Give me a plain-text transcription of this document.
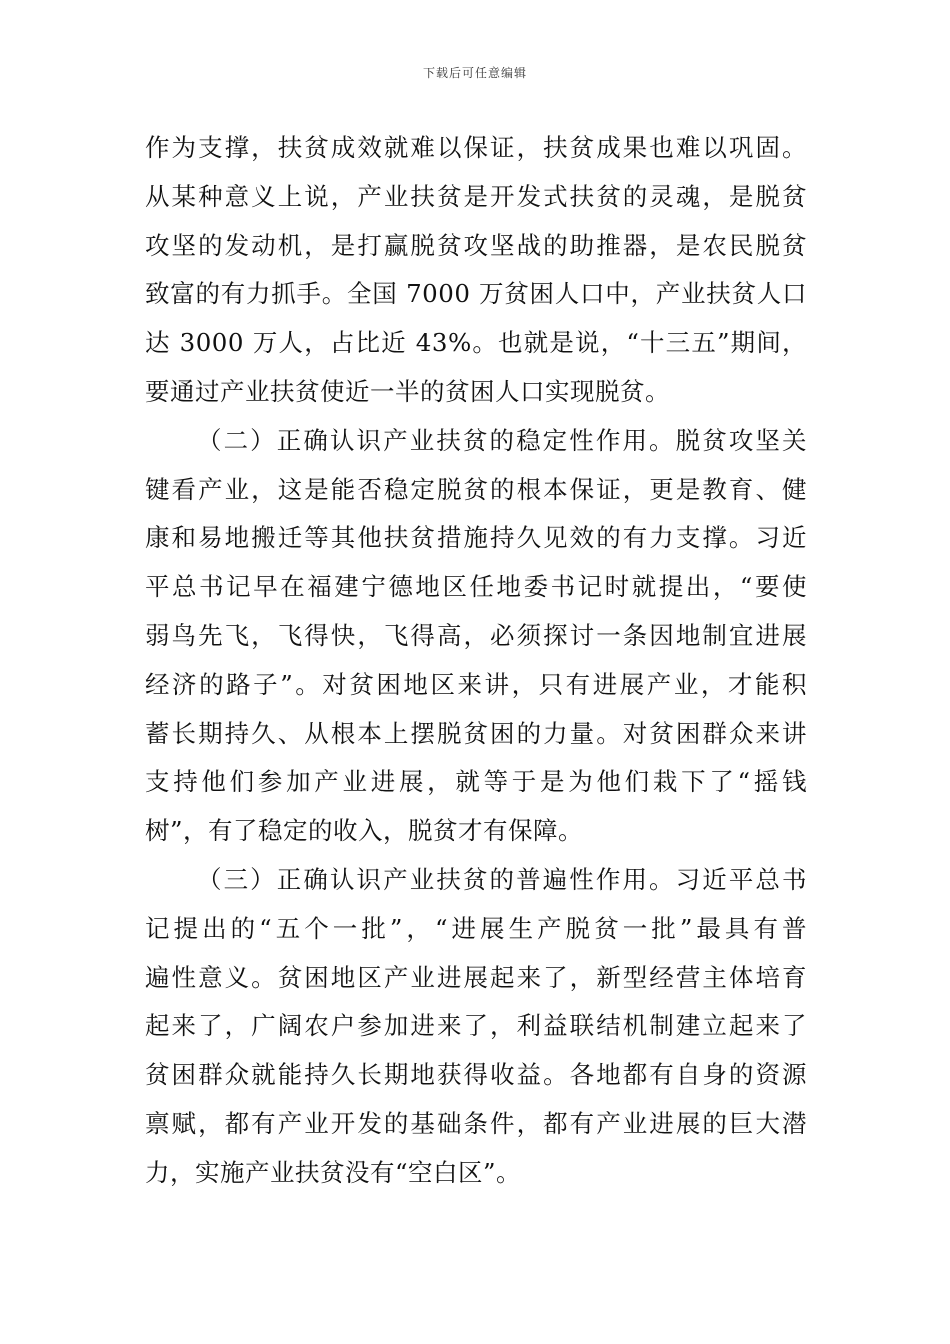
下载后可任意编辑
作为支撑，扶贫成效就难以保证，扶贫成果也难以巩固。
从某种意义上说，产业扶贫是开发式扶贫的灵魂，是脱贫
攻坚的发动机，是打赢脱贫攻坚战的助推器，是农民脱贫
致富的有力抓手。全国 7000 万贫困人口中，产业扶贫人口
达 3000 万人，占比近 43%。也就是说，“十三五”期间，
要通过产业扶贫使近一半的贫困人口实现脱贫。
（二）正确认识产业扶贫的稳定性作用。脱贫攻坚关
键看产业，这是能否稳定脱贫的根本保证，更是教育、健
康和易地搬迁等其他扶贫措施持久见效的有力支撑。习近
平总书记早在福建宁德地区任地委书记时就提出，“要使
弱鸟先飞，飞得快，飞得高，必须探讨一条因地制宜进展
经济的路子”。对贫困地区来讲，只有进展产业，才能积
蓄长期持久、从根本上摆脱贫困的力量。对贫困群众来讲
支持他们参加产业进展，就等于是为他们栽下了“摇钱
树”，有了稳定的收入，脱贫才有保障。
（三）正确认识产业扶贫的普遍性作用。习近平总书
记提出的“五个一批”，“进展生产脱贫一批”最具有普
遍性意义。贫困地区产业进展起来了，新型经营主体培育
起来了，广阔农户参加进来了，利益联结机制建立起来了
贫困群众就能持久长期地获得收益。各地都有自身的资源
禀赋，都有产业开发的基础条件，都有产业进展的巨大潜
力，实施产业扶贫没有“空白区”。
